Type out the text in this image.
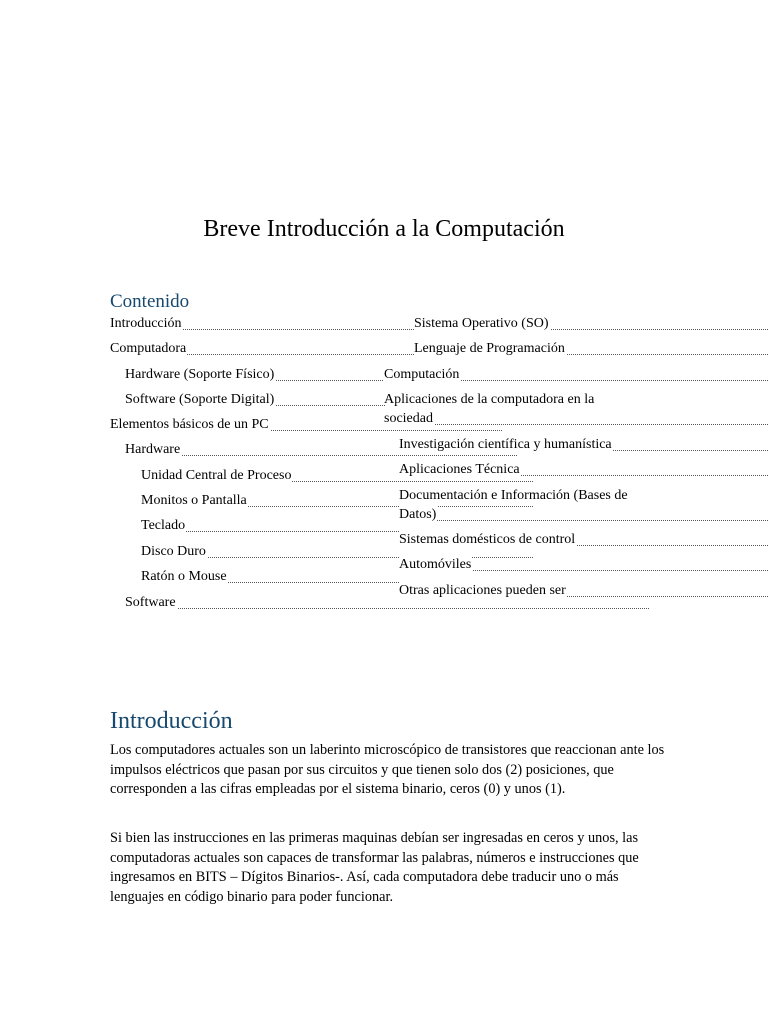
Breve Introducción a la Computación
Contenido
Introducción
Computadora
Hardware (Soporte Físico)
Software (Soporte Digital)
Elementos básicos de un PC
Hardware
Unidad Central de Proceso
Monitos o Pantalla
Teclado
Disco Duro
Ratón o Mouse
Software
Sistema Operativo (SO)
Lenguaje de Programación
Computación
Aplicaciones de la computadora en la
sociedad
Investigación científica y humanística
Aplicaciones Técnica
Documentación e Información (Bases de
Datos)
Sistemas domésticos de control
Automóviles
Otras aplicaciones pueden ser
Introducción

Los computadores actuales son un laberinto microscópico de transistores que reaccionan ante los impulsos eléctricos que pasan por sus circuitos y que tienen solo dos (2) posiciones, que corresponden a las cifras empleadas por el sistema binario, ceros (0) y unos (1).

Si bien las instrucciones en las primeras maquinas debían ser ingresadas en ceros y unos, las computadoras actuales son capaces de transformar las palabras, números e instrucciones que ingresamos en BITS – Dígitos Binarios-. Así, cada computadora debe traducir uno o más lenguajes en código binario para poder funcionar.
